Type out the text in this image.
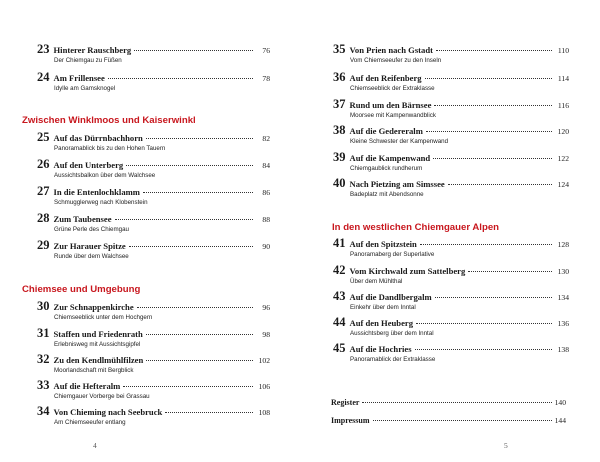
23 Hinterer Rauschberg	76
Der Chiemgau zu Füßen
24 Am Frillensee	78
Idylle am Gamsknogel
Zwischen Winklmoos und Kaiserwinkl
25 Auf das Dürrnbachhorn	82
Panoramablick bis zu den Hohen Tauern
26 Auf den Unterberg	84
Aussichtsbalkon über dem Walchsee
27 In die Entenlochklamm	86
Schmugglerweg nach Klobenstein
28 Zum Taubensee	88
Grüne Perle des Chiemgau
29 Zur Harauer Spitze	90
Runde über dem Walchsee
Chiemsee und Umgebung
30 Zur Schnappenkirche	96
Chiemseeblick unter dem Hochgern
31 Staffen und Friedenrath	98
Erlebnisweg mit Aussichtsgipfel
32 Zu den Kendlmühlfilzen	102
Moorlandschaft mit Bergblick
33 Auf die Hefteralm	106
Chiemgauer Vorberge bei Grassau
34 Von Chieming nach Seebruck	108
Am Chiemseeufer entlang
4
35 Von Prien nach Gstadt	110
Vom Chiemseeufer zu den Inseln
36 Auf den Reifenberg	114
Chiemseeblick der Extraklasse
37 Rund um den Bärnsee	116
Moorsee mit Kampenwandblick
38 Auf die Gedereralm	120
Kleine Schwester der Kampenwand
39 Auf die Kampenwand	122
Chiemgaublick rundherum
40 Nach Pietzing am Simssee	124
Badeplatz mit Abendsonne
In den westlichen Chiemgauer Alpen
41 Auf den Spitzstein	128
Panoramaberg der Superlative
42 Vom Kirchwald zum Sattelberg	130
Über dem Mühlthal
43 Auf die Dandlbergalm	134
Einkehr über dem Inntal
44 Auf den Heuberg	136
Aussichtsberg über dem Inntal
45 Auf die Hochries	138
Panoramablick der Extraklasse
5
Register	140
Impressum	144
